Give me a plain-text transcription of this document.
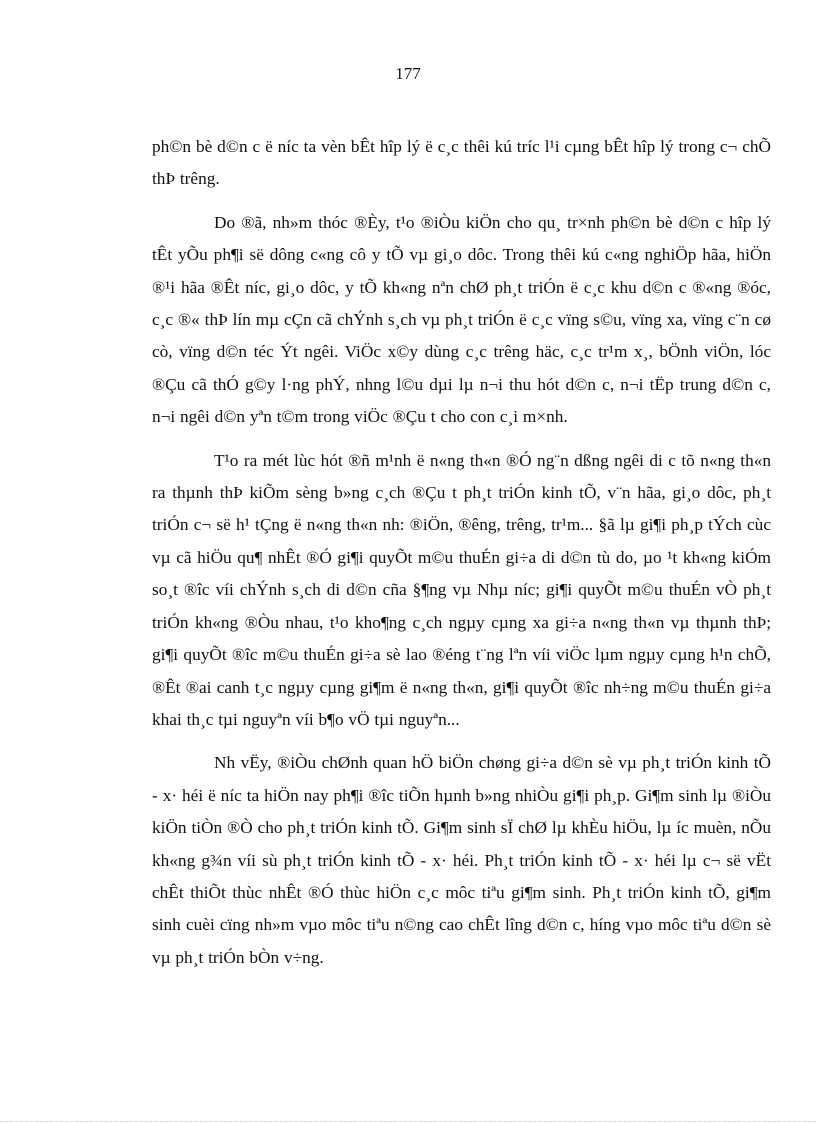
177

ph©n bè d©n c ë níc ta vèn bÊt hîp lý ë c¸c thêi kú tríc l¹i cµng bÊt hîp lý trong c¬ chÕ thÞ trêng.

Do ®ã, nh»m thóc ®Èy, t¹o ®iÒu kiÖn cho qu¸ tr×nh ph©n bè d©n c hîp lý tÊt yÕu ph¶i së dông c«ng cô y tÕ vµ gi¸o dôc. Trong thêi kú c«ng nghiÖp hãa, hiÖn ®¹i hãa ®Êt níc, gi¸o dôc, y tÕ kh«ng nªn chØ ph¸t triÓn ë c¸c khu d©n c ®«ng ®óc, c¸c ®« thÞ lín mµ cÇn cã chÝnh s¸ch vµ ph¸t triÓn ë c¸c vïng s©u, vïng xa, vïng c¨n cø cò, vïng d©n téc Ýt ngêi. ViÖc x©y dùng c¸c trêng häc, c¸c tr¹m x¸, bÖnh viÖn, lóc ®Çu cã thÓ g©y l·ng phÝ, nhng l©u dµi lµ n¬i thu hót d©n c, n¬i tËp trung d©n c, n¬i ngêi d©n yªn t©m trong viÖc ®Çu t cho con c¸i m×nh.

T¹o ra mét lùc hót ®ñ m¹nh ë n«ng th«n ®Ó ng¨n dßng ngêi di c tõ n«ng th«n ra thµnh thÞ kiÕm sèng b»ng c¸ch ®Çu t ph¸t triÓn kinh tÕ, v¨n hãa, gi¸o dôc, ph¸t triÓn c¬ së h¹ tÇng ë n«ng th«n nh: ®iÖn, ®êng, trêng, tr¹m... §ã lµ gi¶i ph¸p tÝch cùc vµ cã hiÖu qu¶ nhÊt ®Ó gi¶i quyÕt m©u thuÉn gi÷a di d©n tù do, µo ¹t kh«ng kiÓm so¸t ®îc víi chÝnh s¸ch di d©n cña §¶ng vµ Nhµ níc; gi¶i quyÕt m©u thuÉn vÒ ph¸t triÓn kh«ng ®Òu nhau, t¹o kho¶ng c¸ch ngµy cµng xa gi÷a n«ng th«n vµ thµnh thÞ; gi¶i quyÕt ®îc m©u thuÉn gi÷a sè lao ®éng t¨ng lªn víi viÖc lµm ngµy cµng h¹n chÕ, ®Êt ®ai canh t¸c ngµy cµng gi¶m ë n«ng th«n, gi¶i quyÕt ®îc nh÷ng m©u thuÉn gi÷a khai th¸c tµi nguyªn víi b¶o vÖ tµi nguyªn...

Nh vËy, ®iÒu chØnh quan hÖ biÖn chøng gi÷a d©n sè vµ ph¸t triÓn kinh tÕ - x· héi ë níc ta hiÖn nay ph¶i ®îc tiÕn hµnh b»ng nhiÒu gi¶i ph¸p. Gi¶m sinh lµ ®iÒu kiÖn tiÒn ®Ò cho ph¸t triÓn kinh tÕ. Gi¶m sinh sÏ chØ lµ khÈu hiÖu, lµ íc muèn, nÕu kh«ng g¾n víi sù ph¸t triÓn kinh tÕ - x· héi. Ph¸t triÓn kinh tÕ - x· héi lµ c¬ së vËt chÊt thiÕt thùc nhÊt ®Ó thùc hiÖn c¸c môc tiªu gi¶m sinh. Ph¸t triÓn kinh tÕ, gi¶m sinh cuèi cïng nh»m vµo môc tiªu n©ng cao chÊt lîng d©n c, híng vµo môc tiªu d©n sè vµ ph¸t triÓn bÒn v÷ng.
